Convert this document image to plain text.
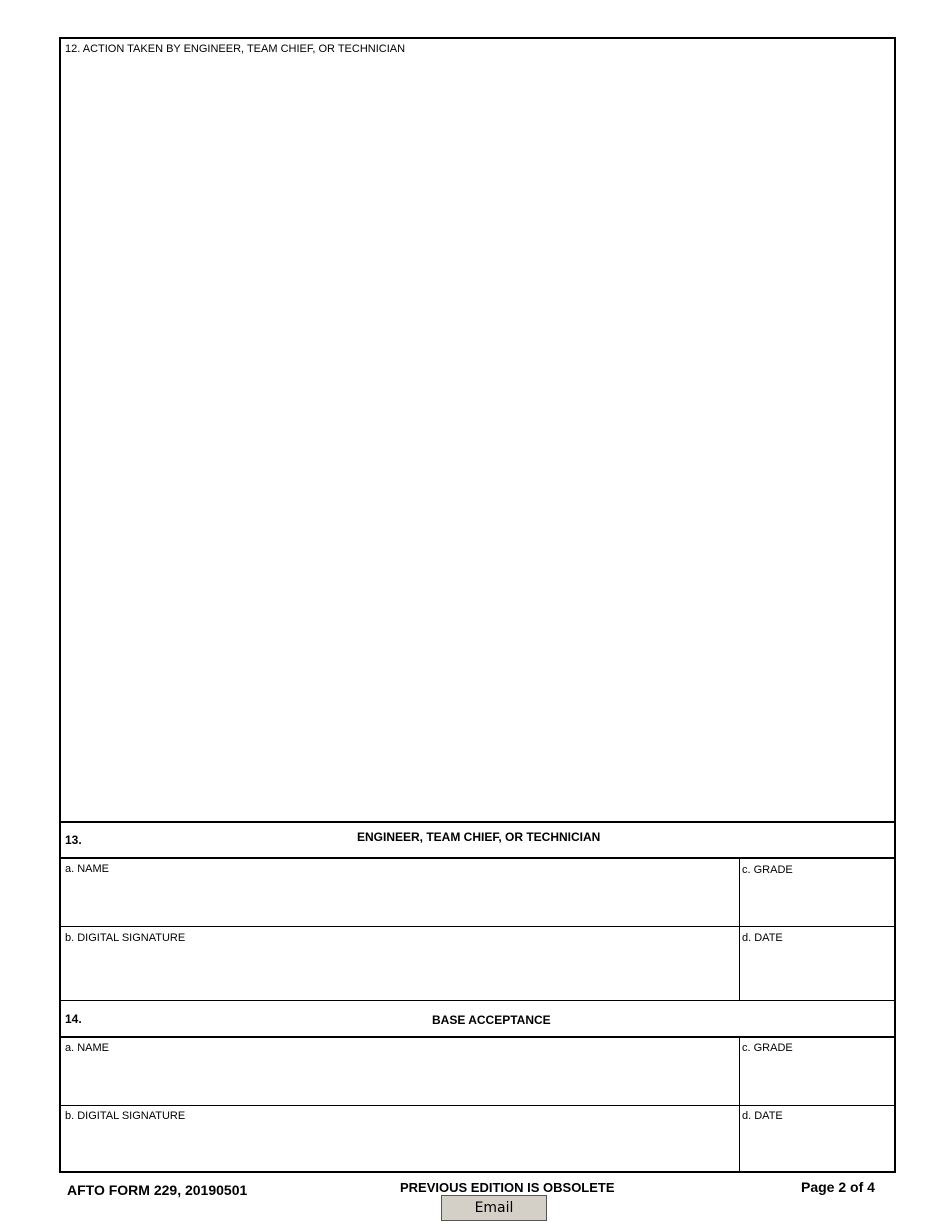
12. ACTION TAKEN BY ENGINEER, TEAM CHIEF, OR TECHNICIAN
13.	ENGINEER, TEAM CHIEF, OR TECHNICIAN
a. NAME	c. GRADE
b. DIGITAL SIGNATURE	d. DATE
14.	BASE ACCEPTANCE
a. NAME	c. GRADE
b. DIGITAL SIGNATURE	d. DATE
AFTO FORM 229, 20190501	PREVIOUS EDITION IS OBSOLETE	Page 2 of 4
Email
